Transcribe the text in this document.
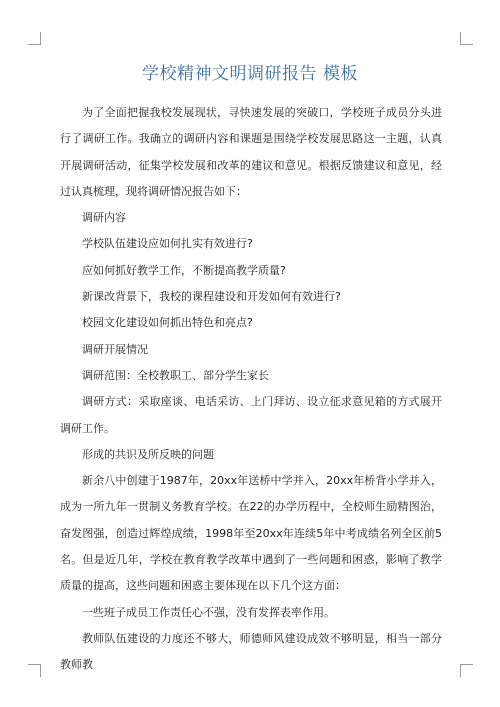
学校精神文明调研报告 模板

为了全面把握我校发展现状，寻快速发展的突破口，学校班子成员分头进行了调研工作。我确立的调研内容和课题是围绕学校发展思路这一主题，认真开展调研活动，征集学校发展和改革的建议和意见。根据反馈建议和意见，经过认真梳理，现将调研情况报告如下：

调研内容

学校队伍建设应如何扎实有效进行?

应如何抓好教学工作，不断提高教学质量?

新课改背景下，我校的课程建设和开发如何有效进行?

校园文化建设如何抓出特色和亮点?

调研开展情况

调研范围：全校教职工、部分学生家长

调研方式：采取座谈、电话采访、上门拜访、设立征求意见箱的方式展开调研工作。

形成的共识及所反映的问题

新余八中创建于1987年，20xx年送桥中学并入，20xx年桥背小学并入，成为一所九年一贯制义务教育学校。在22的办学历程中，全校师生励精图治，奋发图强，创造过辉煌成绩，1998年至20xx年连续5年中考成绩名列全区前5名。但是近几年，学校在教育教学改革中遇到了一些问题和困惑，影响了教学质量的提高，这些问题和困惑主要体现在以下几个这方面：

一些班子成员工作责任心不强，没有发挥表率作用。

教师队伍建设的力度还不够大，师德师风建设成效不够明显，相当一部分教师教
